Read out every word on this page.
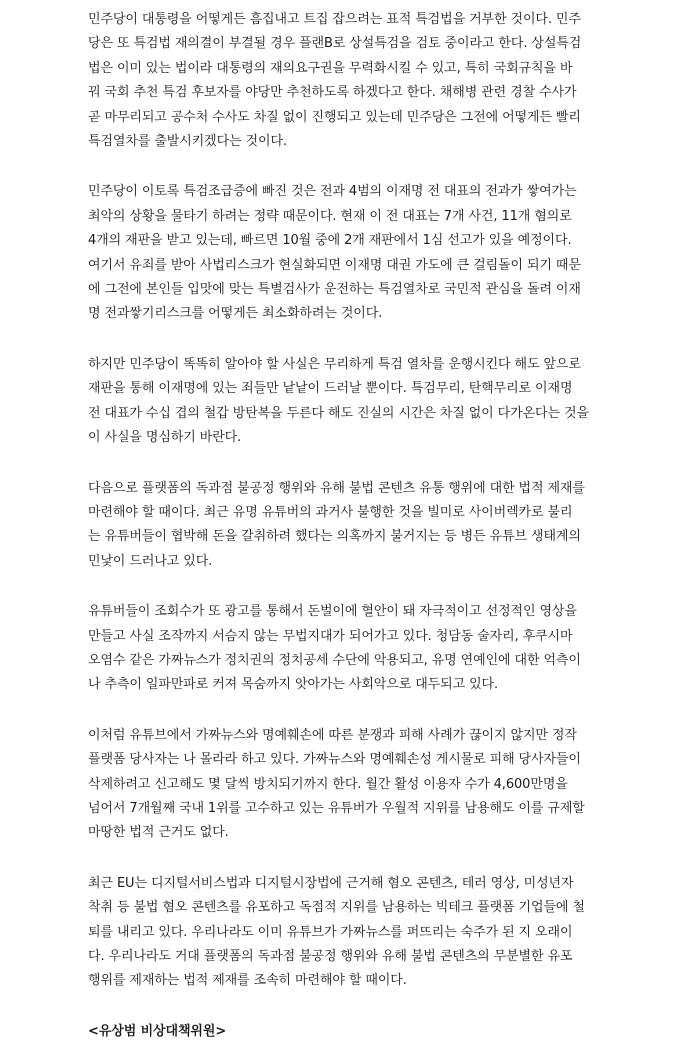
민주당이 대통령을 어떻게든 흠집내고 트집 잡으려는 표적 특검법을 거부한 것이다. 민주
당은 또 특검법 재의결이 부결될 경우 플랜B로 상설특검을 검토 중이라고 한다. 상설특검
법은 이미 있는 법이라 대통령의 재의요구권을 무력화시킬 수 있고, 특히 국회규칙을 바
꿔 국회 추천 특검 후보자를 야당만 추천하도록 하겠다고 한다. 채해병 관련 경찰 수사가
곧 마무리되고 공수처 수사도 차질 없이 진행되고 있는데 민주당은 그전에 어떻게든 빨리
특검열차를 출발시키겠다는 것이다.

민주당이 이토록 특검조급증에 빠진 것은 전과 4범의 이재명 전 대표의 전과가 쌓여가는
최악의 상황을 물타기 하려는 정략 때문이다. 현재 이 전 대표는 7개 사건, 11개 혐의로
4개의 재판을 받고 있는데, 빠르면 10월 중에 2개 재판에서 1심 선고가 있을 예정이다.
여기서 유죄를 받아 사법리스크가 현실화되면 이재명 대권 가도에 큰 걸림돌이 되기 때문
에 그전에 본인들 입맛에 맞는 특별검사가 운전하는 특검열차로 국민적 관심을 돌려 이재
명 전과쌓기리스크를 어떻게든 최소화하려는 것이다.

하지만 민주당이 똑똑히 알아야 할 사실은 무리하게 특검 열차를 운행시킨다 해도 앞으로
재판을 통해 이재명에 있는 죄들만 낱낱이 드러날 뿐이다. 특검무리, 탄핵무리로 이재명
전 대표가 수십 겹의 철갑 방탄복을 두른다 해도 진실의 시간은 차질 없이 다가온다는 것을
이 사실을 명심하기 바란다.

다음으로 플랫폼의 독과점 불공정 행위와 유해 불법 콘텐츠 유통 행위에 대한 법적 제재를
마련해야 할 때이다. 최근 유명 유튜버의 과거사 불행한 것을 빌미로 사이버렉카로 불리
는 유튜버들이 협박해 돈을 갈취하려 했다는 의혹까지 불거지는 등 병든 유튜브 생태계의
민낯이 드러나고 있다.

유튜버들이 조회수가 또 광고를 통해서 돈벌이에 혈안이 돼 자극적이고 선정적인 영상을
만들고 사실 조작까지 서슴지 않는 무법지대가 되어가고 있다. 청담동 술자리, 후쿠시마
오염수 같은 가짜뉴스가 정치권의 정치공세 수단에 악용되고, 유명 연예인에 대한 억측이
나 추측이 일파만파로 커져 목숨까지 앗아가는 사회악으로 대두되고 있다.

이처럼 유튜브에서 가짜뉴스와 명예훼손에 따른 분쟁과 피해 사례가 끊이지 않지만 정작
플랫폼 당사자는 나 몰라라 하고 있다. 가짜뉴스와 명예훼손성 게시물로 피해 당사자들이
삭제하려고 신고해도 몇 달씩 방치되기까지 한다. 월간 활성 이용자 수가 4,600만명을
넘어서 7개월째 국내 1위를 고수하고 있는 유튜버가 우월적 지위를 남용해도 이를 규제할
마땅한 법적 근거도 없다.

최근 EU는 디지털서비스법과 디지털시장법에 근거해 혐오 콘텐츠, 테러 영상, 미성년자
착취 등 불법 혐오 콘텐츠를 유포하고 독점적 지위를 남용하는 빅테크 플랫폼 기업들에 철
퇴를 내리고 있다. 우리나라도 이미 유튜브가 가짜뉴스를 퍼뜨리는 숙주가 된 지 오래이
다. 우리나라도 거대 플랫폼의 독과점 불공정 행위와 유해 불법 콘텐츠의 무분별한 유포
행위를 제재하는 법적 제재를 조속히 마련해야 할 때이다.

<유상범 비상대책위원>
